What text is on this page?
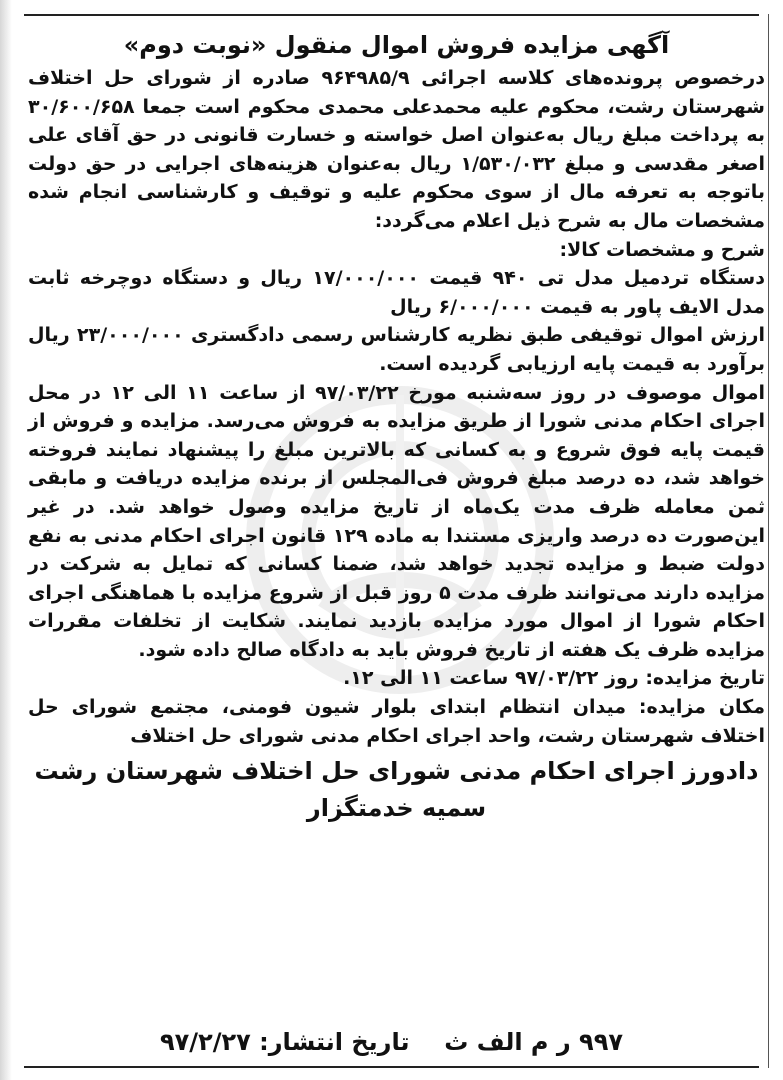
آگهی مزایده فروش اموال منقول «نوبت دوم»

درخصوص پرونده‌های کلاسه اجرائی ۹۶۴۹۸۵/۹ صادره از شورای حل اختلاف شهرستان رشت، محکوم علیه محمدعلی محمدی محکوم است جمعا ۳۰/۶۰۰/۶۵۸ به پرداخت مبلغ ریال به‌عنوان اصل خواسته و خسارت قانونی در حق آقای علی اصغر مقدسی و مبلغ ۱/۵۳۰/۰۳۲ ریال به‌عنوان هزینه‌های اجرایی در حق دولت باتوجه به تعرفه مال از سوی محکوم علیه و توقیف و کارشناسی انجام شده مشخصات مال به شرح ذیل اعلام می‌گردد:

شرح و مشخصات کالا:

دستگاه تردمیل مدل تی ۹۴۰ قیمت ۱۷/۰۰۰/۰۰۰ ریال و دستگاه دوچرخه ثابت مدل الایف پاور به قیمت ۶/۰۰۰/۰۰۰ ریال

ارزش اموال توقیفی طبق نظریه کارشناس رسمی دادگستری ۲۳/۰۰۰/۰۰۰ ریال برآورد به قیمت پایه ارزیابی گردیده است.

اموال موصوف در روز سه‌شنبه مورخ ۹۷/۰۳/۲۲ از ساعت ۱۱ الی ۱۲ در محل اجرای احکام مدنی شورا از طریق مزایده به فروش می‌رسد. مزایده و فروش از قیمت پایه فوق شروع و به کسانی که بالاترین مبلغ را پیشنهاد نمایند فروخته خواهد شد، ده درصد مبلغ فروش فی‌المجلس از برنده مزایده دریافت و مابقی ثمن معامله ظرف مدت یک‌ماه از تاریخ مزایده وصول خواهد شد. در غیر این‌صورت ده درصد واریزی مستندا به ماده ۱۲۹ قانون اجرای احکام مدنی به نفع دولت ضبط و مزایده تجدید خواهد شد، ضمنا کسانی که تمایل به شرکت در مزایده دارند می‌توانند ظرف مدت ۵ روز قبل از شروع مزایده با هماهنگی اجرای احکام شورا از اموال مورد مزایده بازدید نمایند. شکایت از تخلفات مقررات مزایده ظرف یک هفته از تاریخ فروش باید به دادگاه صالح داده شود.

تاریخ مزایده: روز ۹۷/۰۳/۲۲ ساعت ۱۱ الی ۱۲.

مکان مزایده: میدان انتظام ابتدای بلوار شیون فومنی، مجتمع شورای حل اختلاف شهرستان رشت، واحد اجرای احکام مدنی شورای حل اختلاف

دادورز اجرای احکام مدنی شورای حل اختلاف شهرستان رشت
سمیه خدمتگزار
۹۹۷ ر م الف ث
تاریخ انتشار: ۹۷/۲/۲۷
